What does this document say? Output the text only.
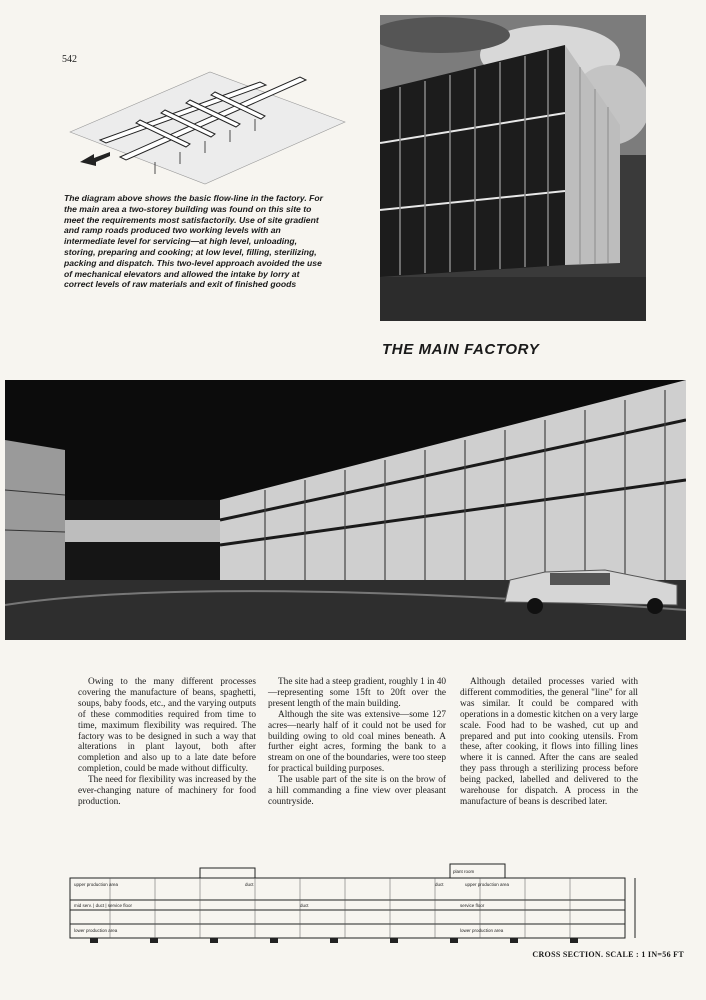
542

The diagram above shows the basic flow-line in the factory. For the main area a two-storey building was found on this site to meet the requirements most satisfactorily. Use of site gradient and ramp roads produced two working levels with an intermediate level for servicing—at high level, unloading, storing, preparing and cooking; at low level, filling, sterilizing, packing and dispatch. This two-level approach avoided the use of mechanical elevators and allowed the intake by lorry at correct levels of raw materials and exit of finished goods

THE MAIN FACTORY

Owing to the many different processes covering the manufacture of beans, spaghetti, soups, baby foods, etc., and the varying outputs of these commodities required from time to time, maximum flexibility was required. The factory was to be designed in such a way that alterations in plant layout, both after completion and also up to a late date before completion, could be made without difficulty.

The need for flexibility was increased by the ever-changing nature of machinery for food production.

The site had a steep gradient, roughly 1 in 40—representing some 15ft to 20ft over the present length of the main building.

Although the site was extensive—some 127 acres—nearly half of it could not be used for building owing to old coal mines beneath. A further eight acres, forming the bank to a stream on one of the boundaries, were too steep for practical building purposes.

The usable part of the site is on the brow of a hill commanding a fine view over pleasant countryside.

Although detailed processes varied with different commodities, the general "line" for all was similar. It could be compared with operations in a domestic kitchen on a very large scale. Food had to be washed, cut up and prepared and put into cooking utensils. From these, after cooking, it flows into filling lines where it is canned. After the cans are sealed they pass through a sterilizing process before being packed, labelled and delivered to the warehouse for dispatch. A process in the manufacture of beans is described later.

upper production area	duct
plant room
duct	upper production area
mid serv. | duct | service floor	duct	service floor
lower production area	lower production area

CROSS SECTION. SCALE : 1 IN=56 FT
